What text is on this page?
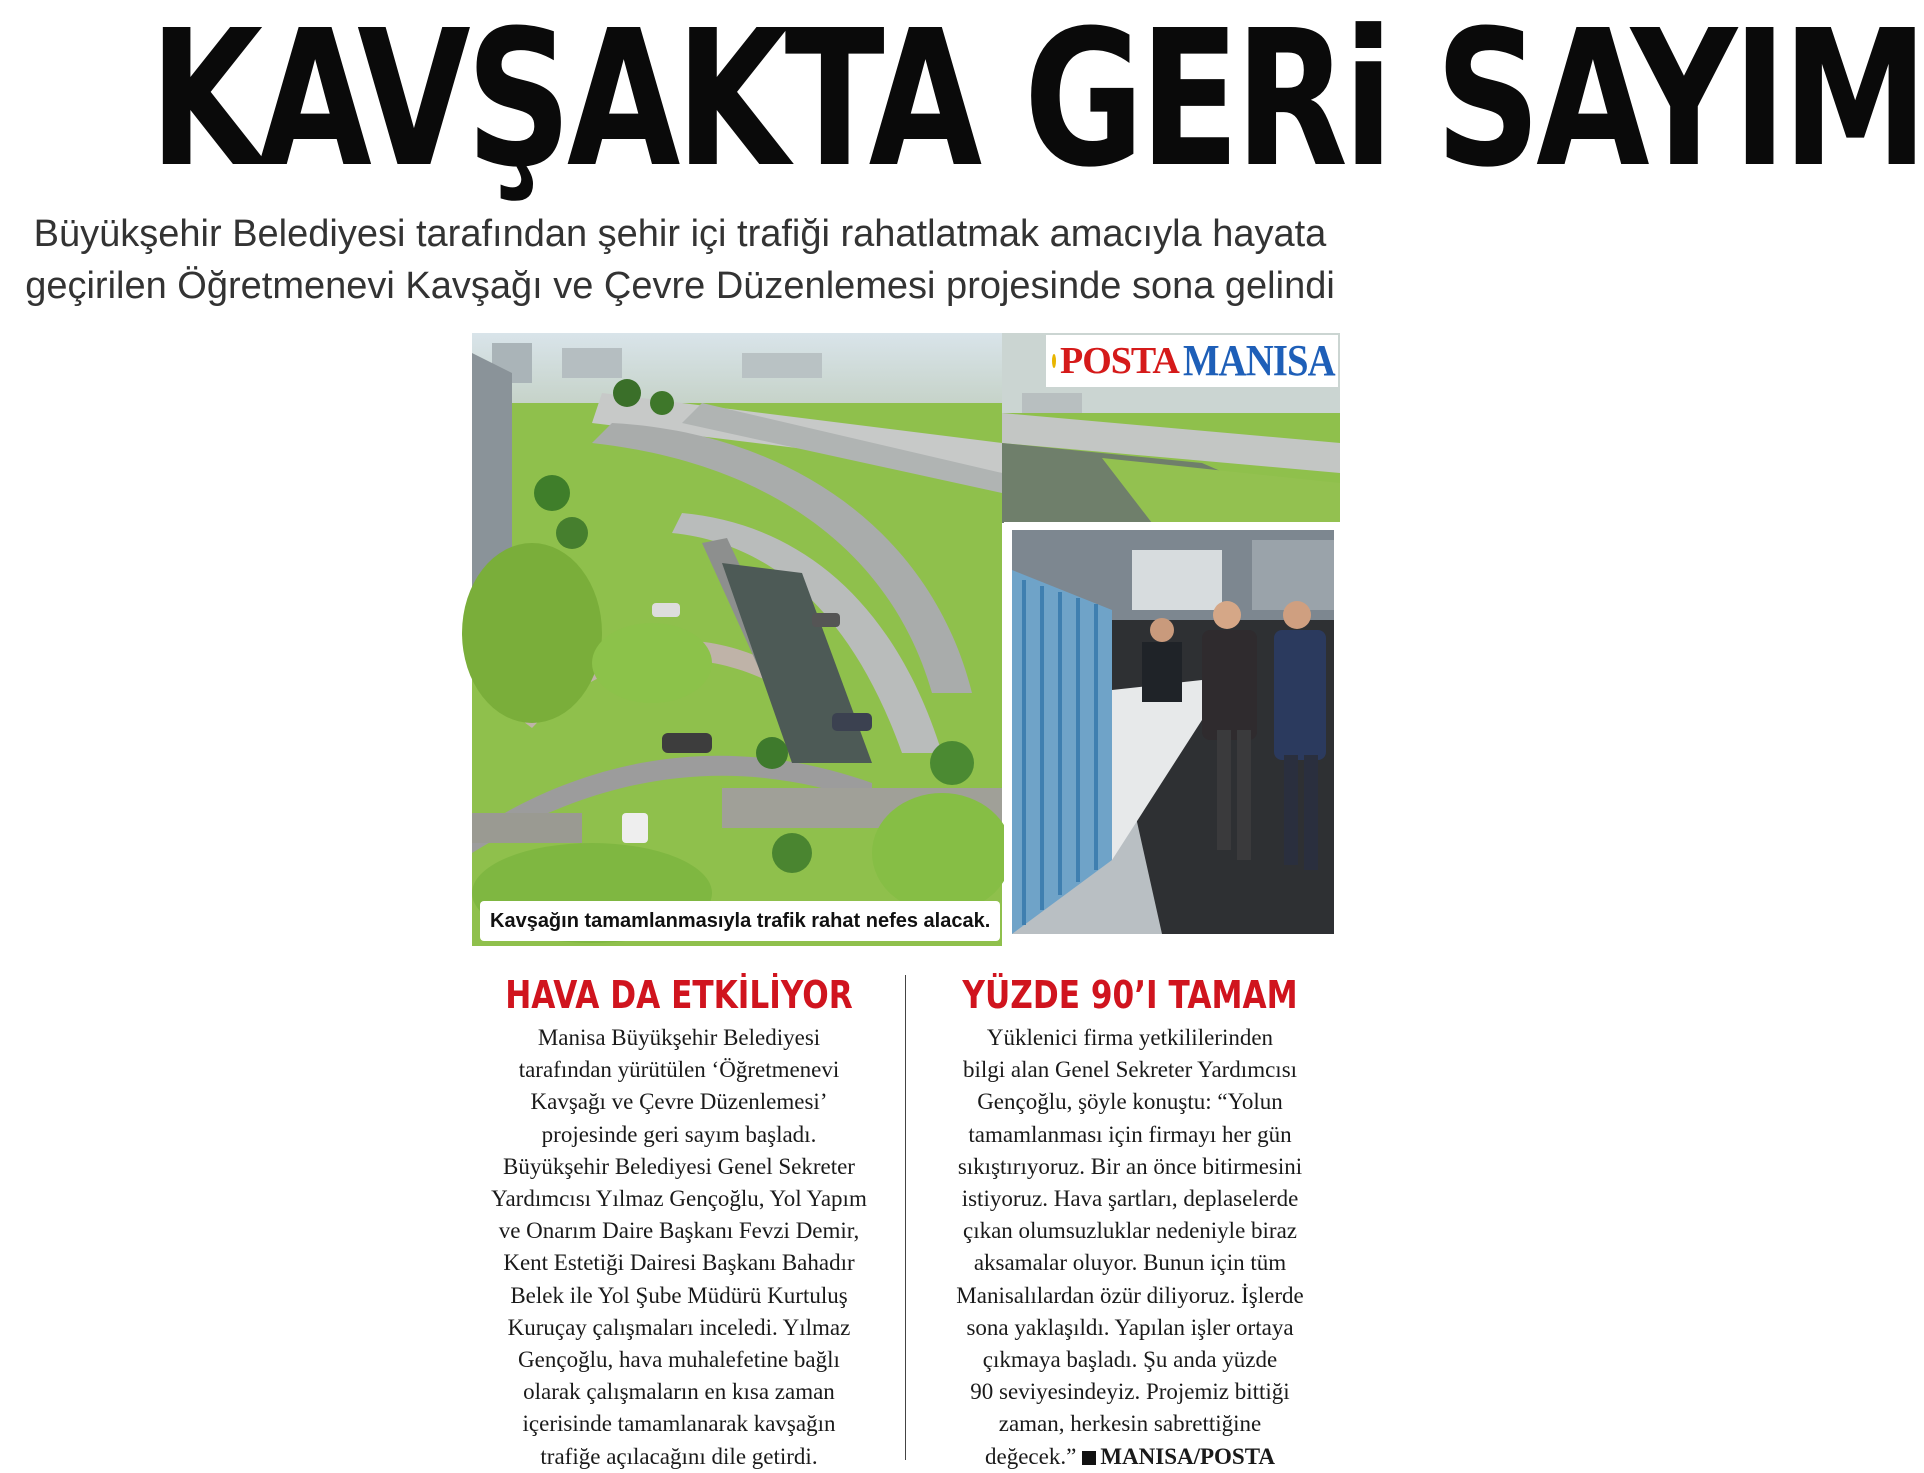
KAVŞAKTA GERi SAYIM
Büyükşehir Belediyesi tarafından şehir içi trafiği rahatlatmak amacıyla hayata
geçirilen Öğretmenevi Kavşağı ve Çevre Düzenlemesi projesinde sona gelindi
POSTA MANISA
Kavşağın tamamlanmasıyla trafik rahat nefes alacak.
HAVA DA ETKİLİYOR
Manisa Büyükşehir Belediyesi
tarafından yürütülen ‘Öğretmenevi
Kavşağı ve Çevre Düzenlemesi’
projesinde geri sayım başladı.
Büyükşehir Belediyesi Genel Sekreter
Yardımcısı Yılmaz Gençoğlu, Yol Yapım
ve Onarım Daire Başkanı Fevzi Demir,
Kent Estetiği Dairesi Başkanı Bahadır
Belek ile Yol Şube Müdürü Kurtuluş
Kuruçay çalışmaları inceledi. Yılmaz
Gençoğlu, hava muhalefetine bağlı
olarak çalışmaların en kısa zaman
içerisinde tamamlanarak kavşağın
trafiğe açılacağını dile getirdi.
YÜZDE 90’I TAMAM
Yüklenici firma yetkililerinden
bilgi alan Genel Sekreter Yardımcısı
Gençoğlu, şöyle konuştu: “Yolun
tamamlanması için firmayı her gün
sıkıştırıyoruz. Bir an önce bitirmesini
istiyoruz. Hava şartları, deplaselerde
çıkan olumsuzluklar nedeniyle biraz
aksamalar oluyor. Bunun için tüm
Manisalılardan özür diliyoruz. İşlerde
sona yaklaşıldı. Yapılan işler ortaya
çıkmaya başladı. Şu anda yüzde
90 seviyesindeyiz. Projemiz bittiği
zaman, herkesin sabrettiğine
değecek.” MANISA/POSTA
